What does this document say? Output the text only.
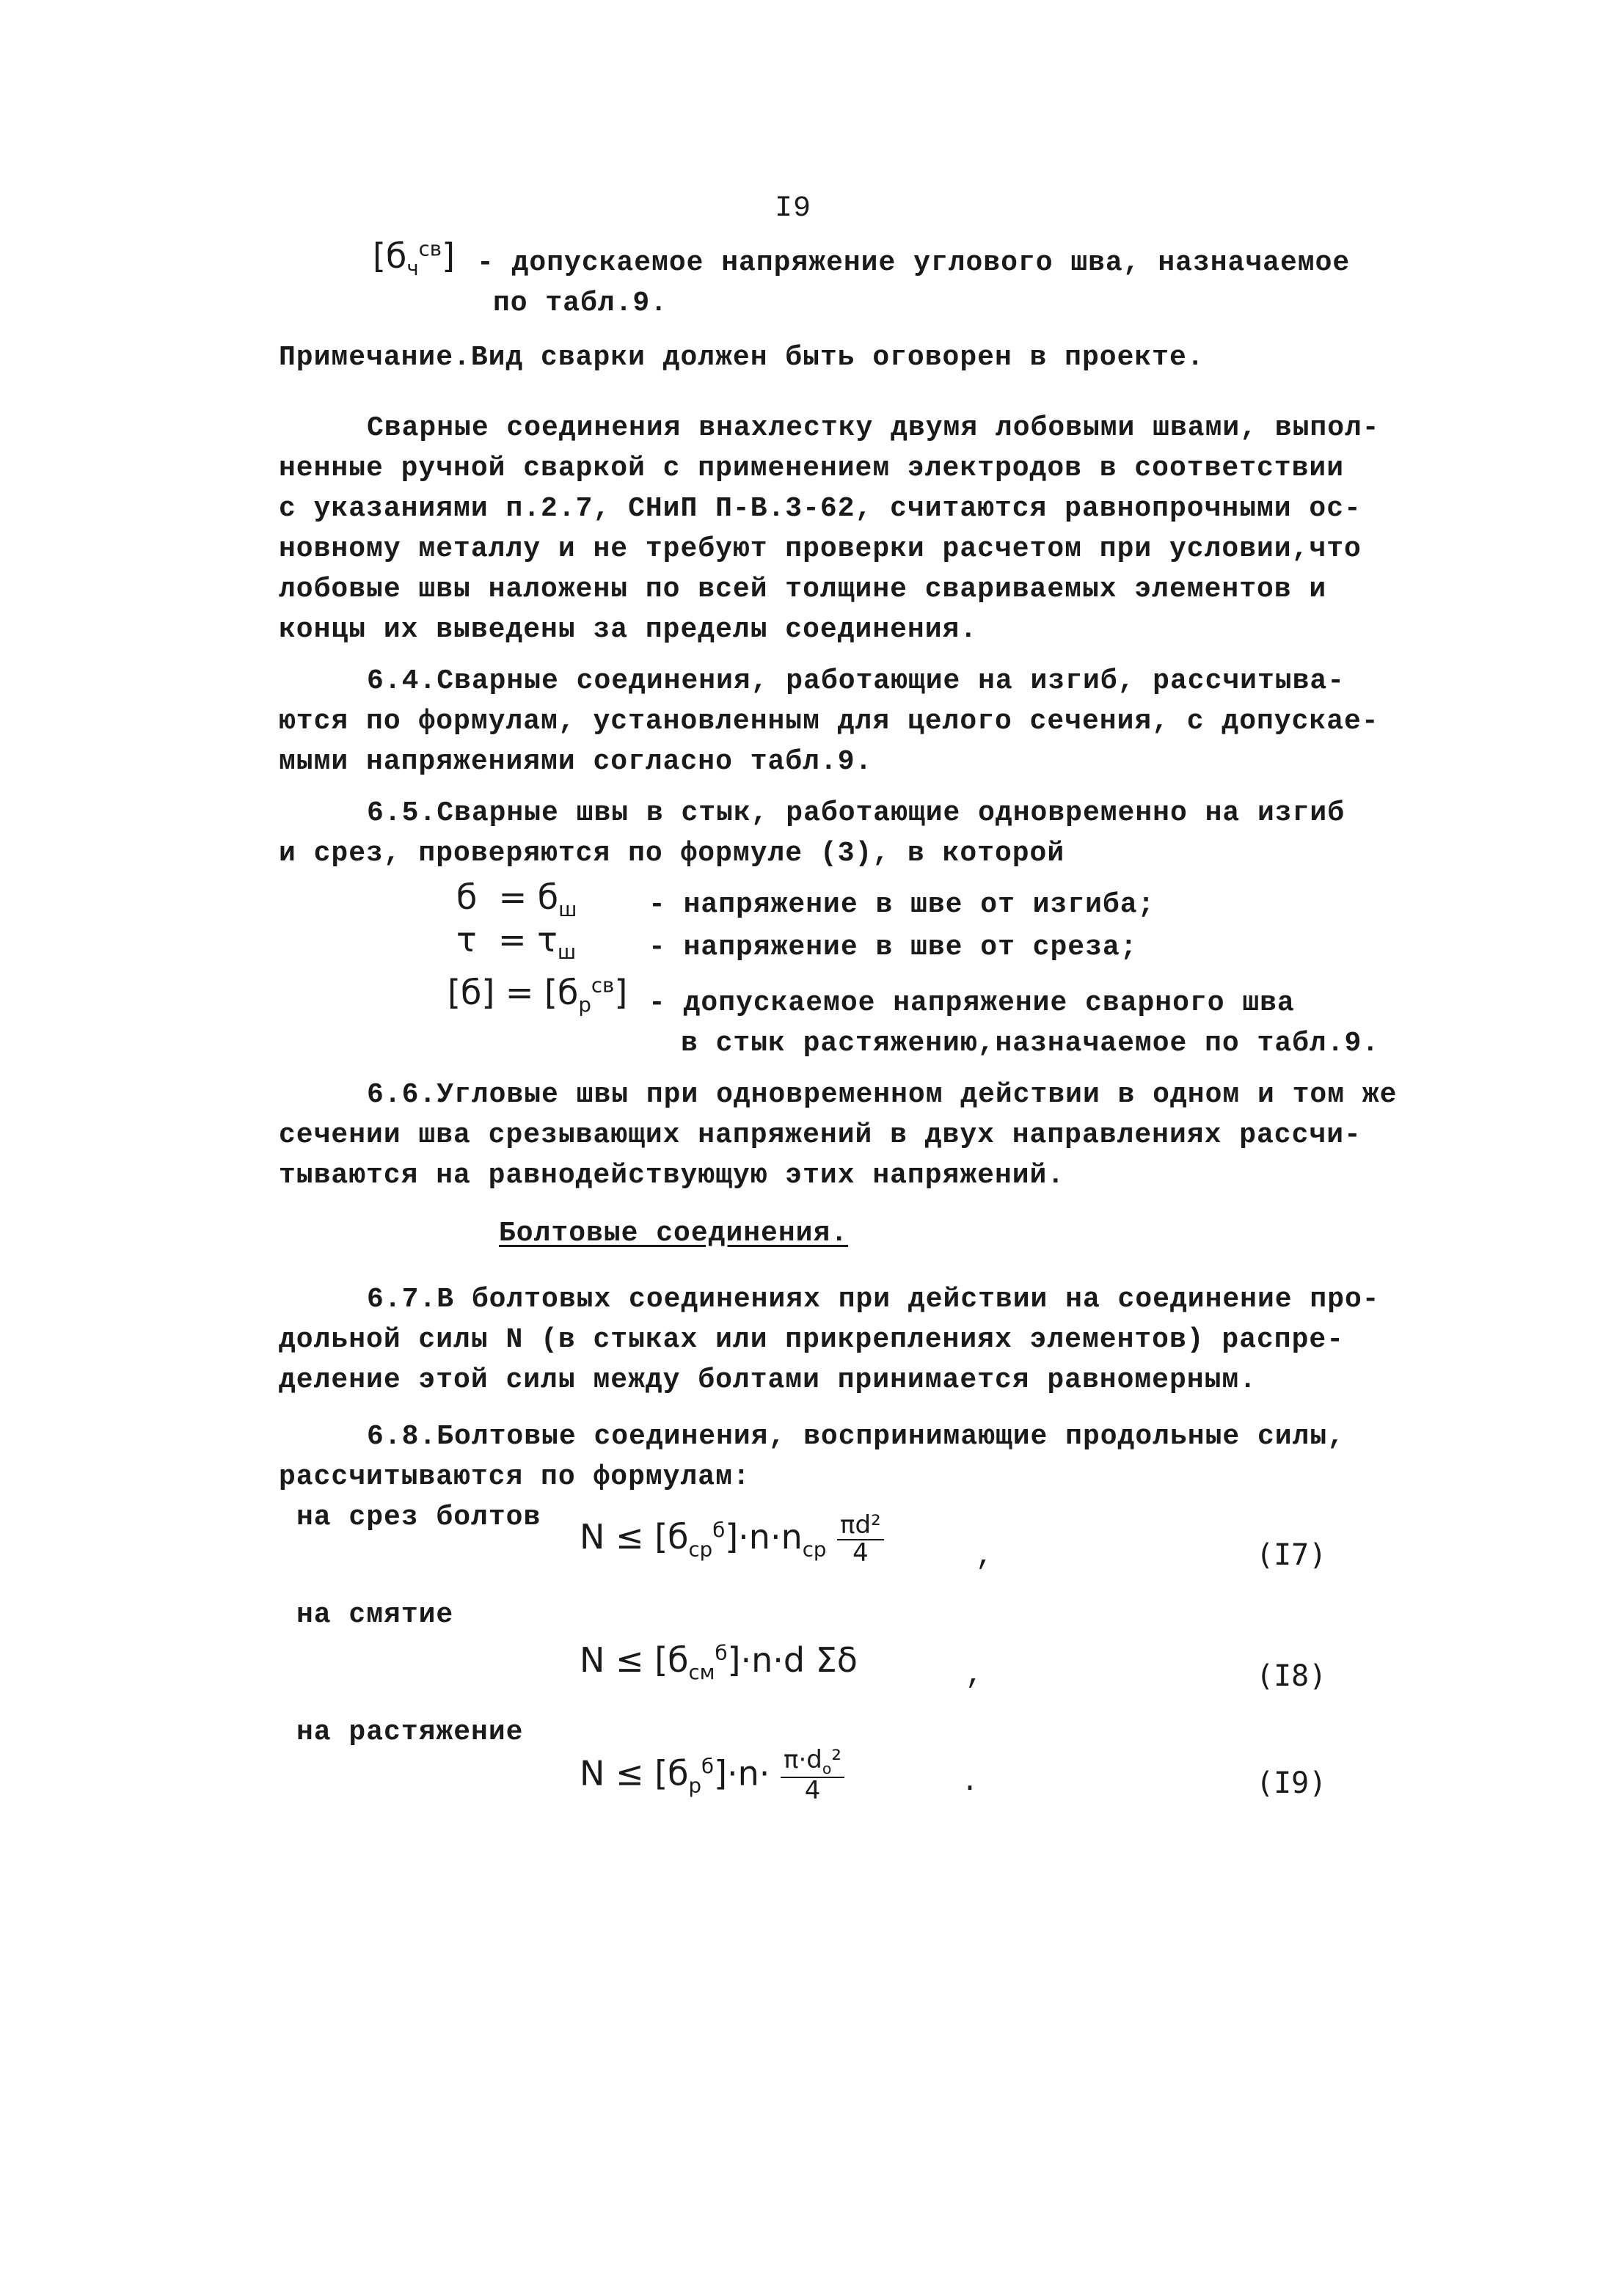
I9
$[б_ч^{св}]$ - допускаемое напряжение углового шва, назначаемое
по табл.9.
Примечание.Вид сварки должен быть оговорен в проекте.
Сварные соединения внахлестку двумя лобовыми швами, выпол-
ненные ручной сваркой с применением электродов в соответствии
с указаниями п.2.7, СНиП П-В.3-62, считаются равнопрочными ос-
новному металлу и не требуют проверки расчетом при условии,что
лобовые швы наложены по всей толщине свариваемых элементов и
концы их выведены за пределы соединения.
6.4.Сварные соединения, работающие на изгиб, рассчитыва-
ются по формулам, установленным для целого сечения, с допускае-
мыми напряжениями согласно табл.9.
6.5.Сварные швы в стык, работающие одновременно на изгиб
и срез, проверяются по формуле (3), в которой
$б = б_ш$	- напряжение в шве от изгиба;
$\tau = \tau_ш$	- напряжение в шве от среза;
$[б] = [б_р^{св}]$ - допускаемое напряжение сварного шва
в стык растяжению,назначаемое по табл.9.
6.6.Угловые швы при одновременном действии в одном и том же
сечении шва срезывающих напряжений в двух направлениях рассчи-
тываются на равнодействующую этих напряжений.
Болтовые соединения.
6.7.В болтовых соединениях при действии на соединение про-
дольной силы N (в стыках или прикреплениях элементов) распре-
деление этой силы между болтами принимается равномерным.
6.8.Болтовые соединения, воспринимающие продольные силы,
рассчитываются по формулам:
на срез болтов $N \le [б_{ср}^б]\cdot n\cdot n_{ср} \frac{\text{πd²}}{4}$	,	(I7)
на смятие
$N \le [б_{см}^б]\cdot n\cdot d$ Σδ	,	(I8)
на растяжение
$N \le [б_р^б]\cdot n\cdot \frac{\pi\cdot d_о^2}{4}$	.	(I9)
